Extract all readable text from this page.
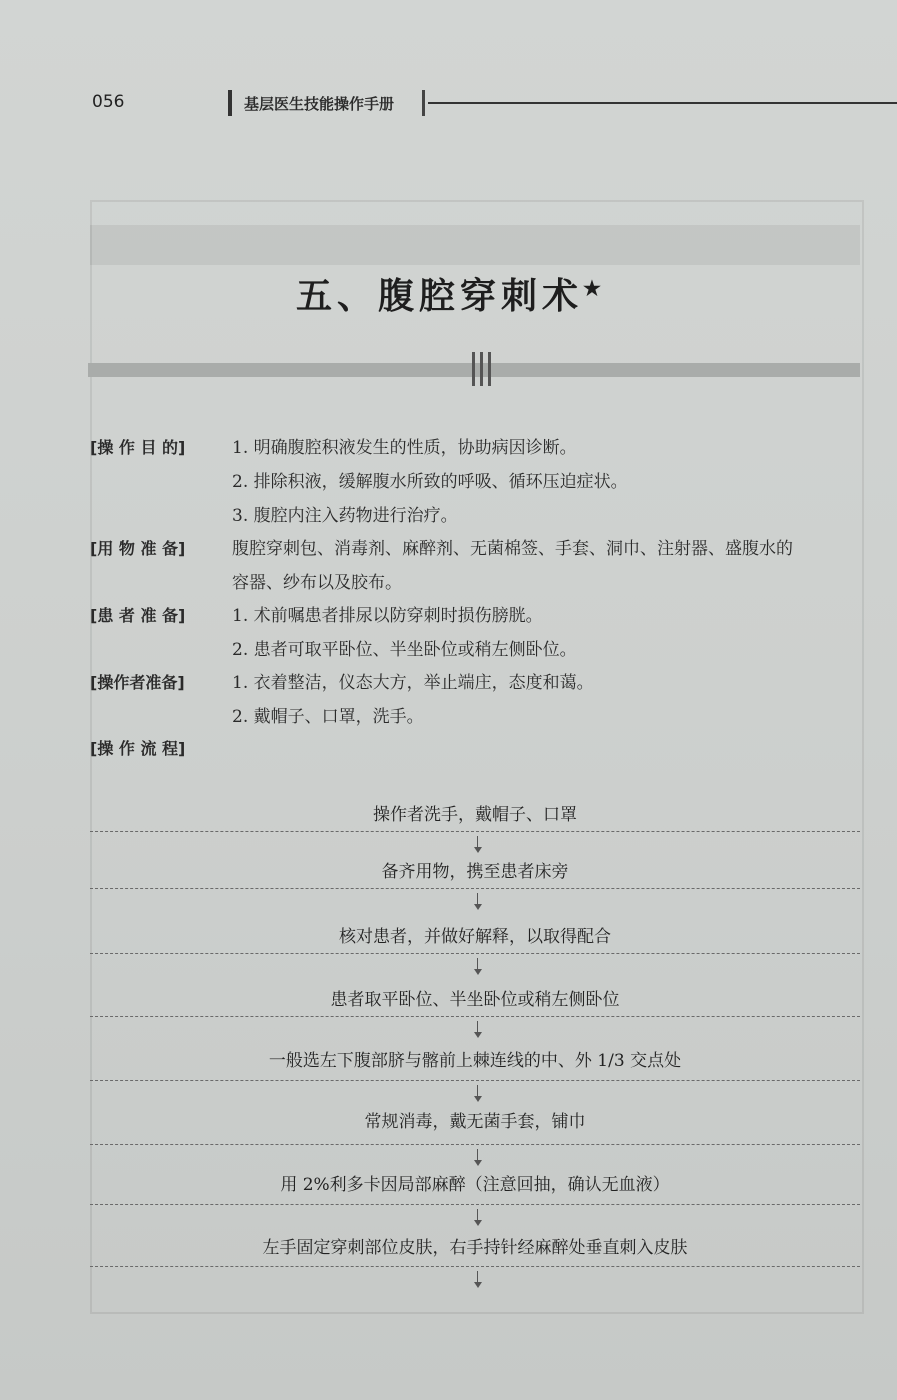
056	基层医生技能操作手册
五、腹腔穿刺术★
[操 作 目 的]	1. 明确腹腔积液发生的性质，协助病因诊断。
2. 排除积液，缓解腹水所致的呼吸、循环压迫症状。
3. 腹腔内注入药物进行治疗。
[用 物 准 备]	腹腔穿刺包、消毒剂、麻醉剂、无菌棉签、手套、洞巾、注射器、盛腹水的
容器、纱布以及胶布。
[患 者 准 备]	1. 术前嘱患者排尿以防穿刺时损伤膀胱。
2. 患者可取平卧位、半坐卧位或稍左侧卧位。
[操作者准备]	1. 衣着整洁，仪态大方，举止端庄，态度和蔼。
2. 戴帽子、口罩，洗手。
[操 作 流 程]
操作者洗手，戴帽子、口罩
备齐用物，携至患者床旁
核对患者，并做好解释，以取得配合
患者取平卧位、半坐卧位或稍左侧卧位
一般选左下腹部脐与髂前上棘连线的中、外 1/3 交点处
常规消毒，戴无菌手套，铺巾
用 2%利多卡因局部麻醉（注意回抽，确认无血液）
左手固定穿刺部位皮肤，右手持针经麻醉处垂直刺入皮肤
